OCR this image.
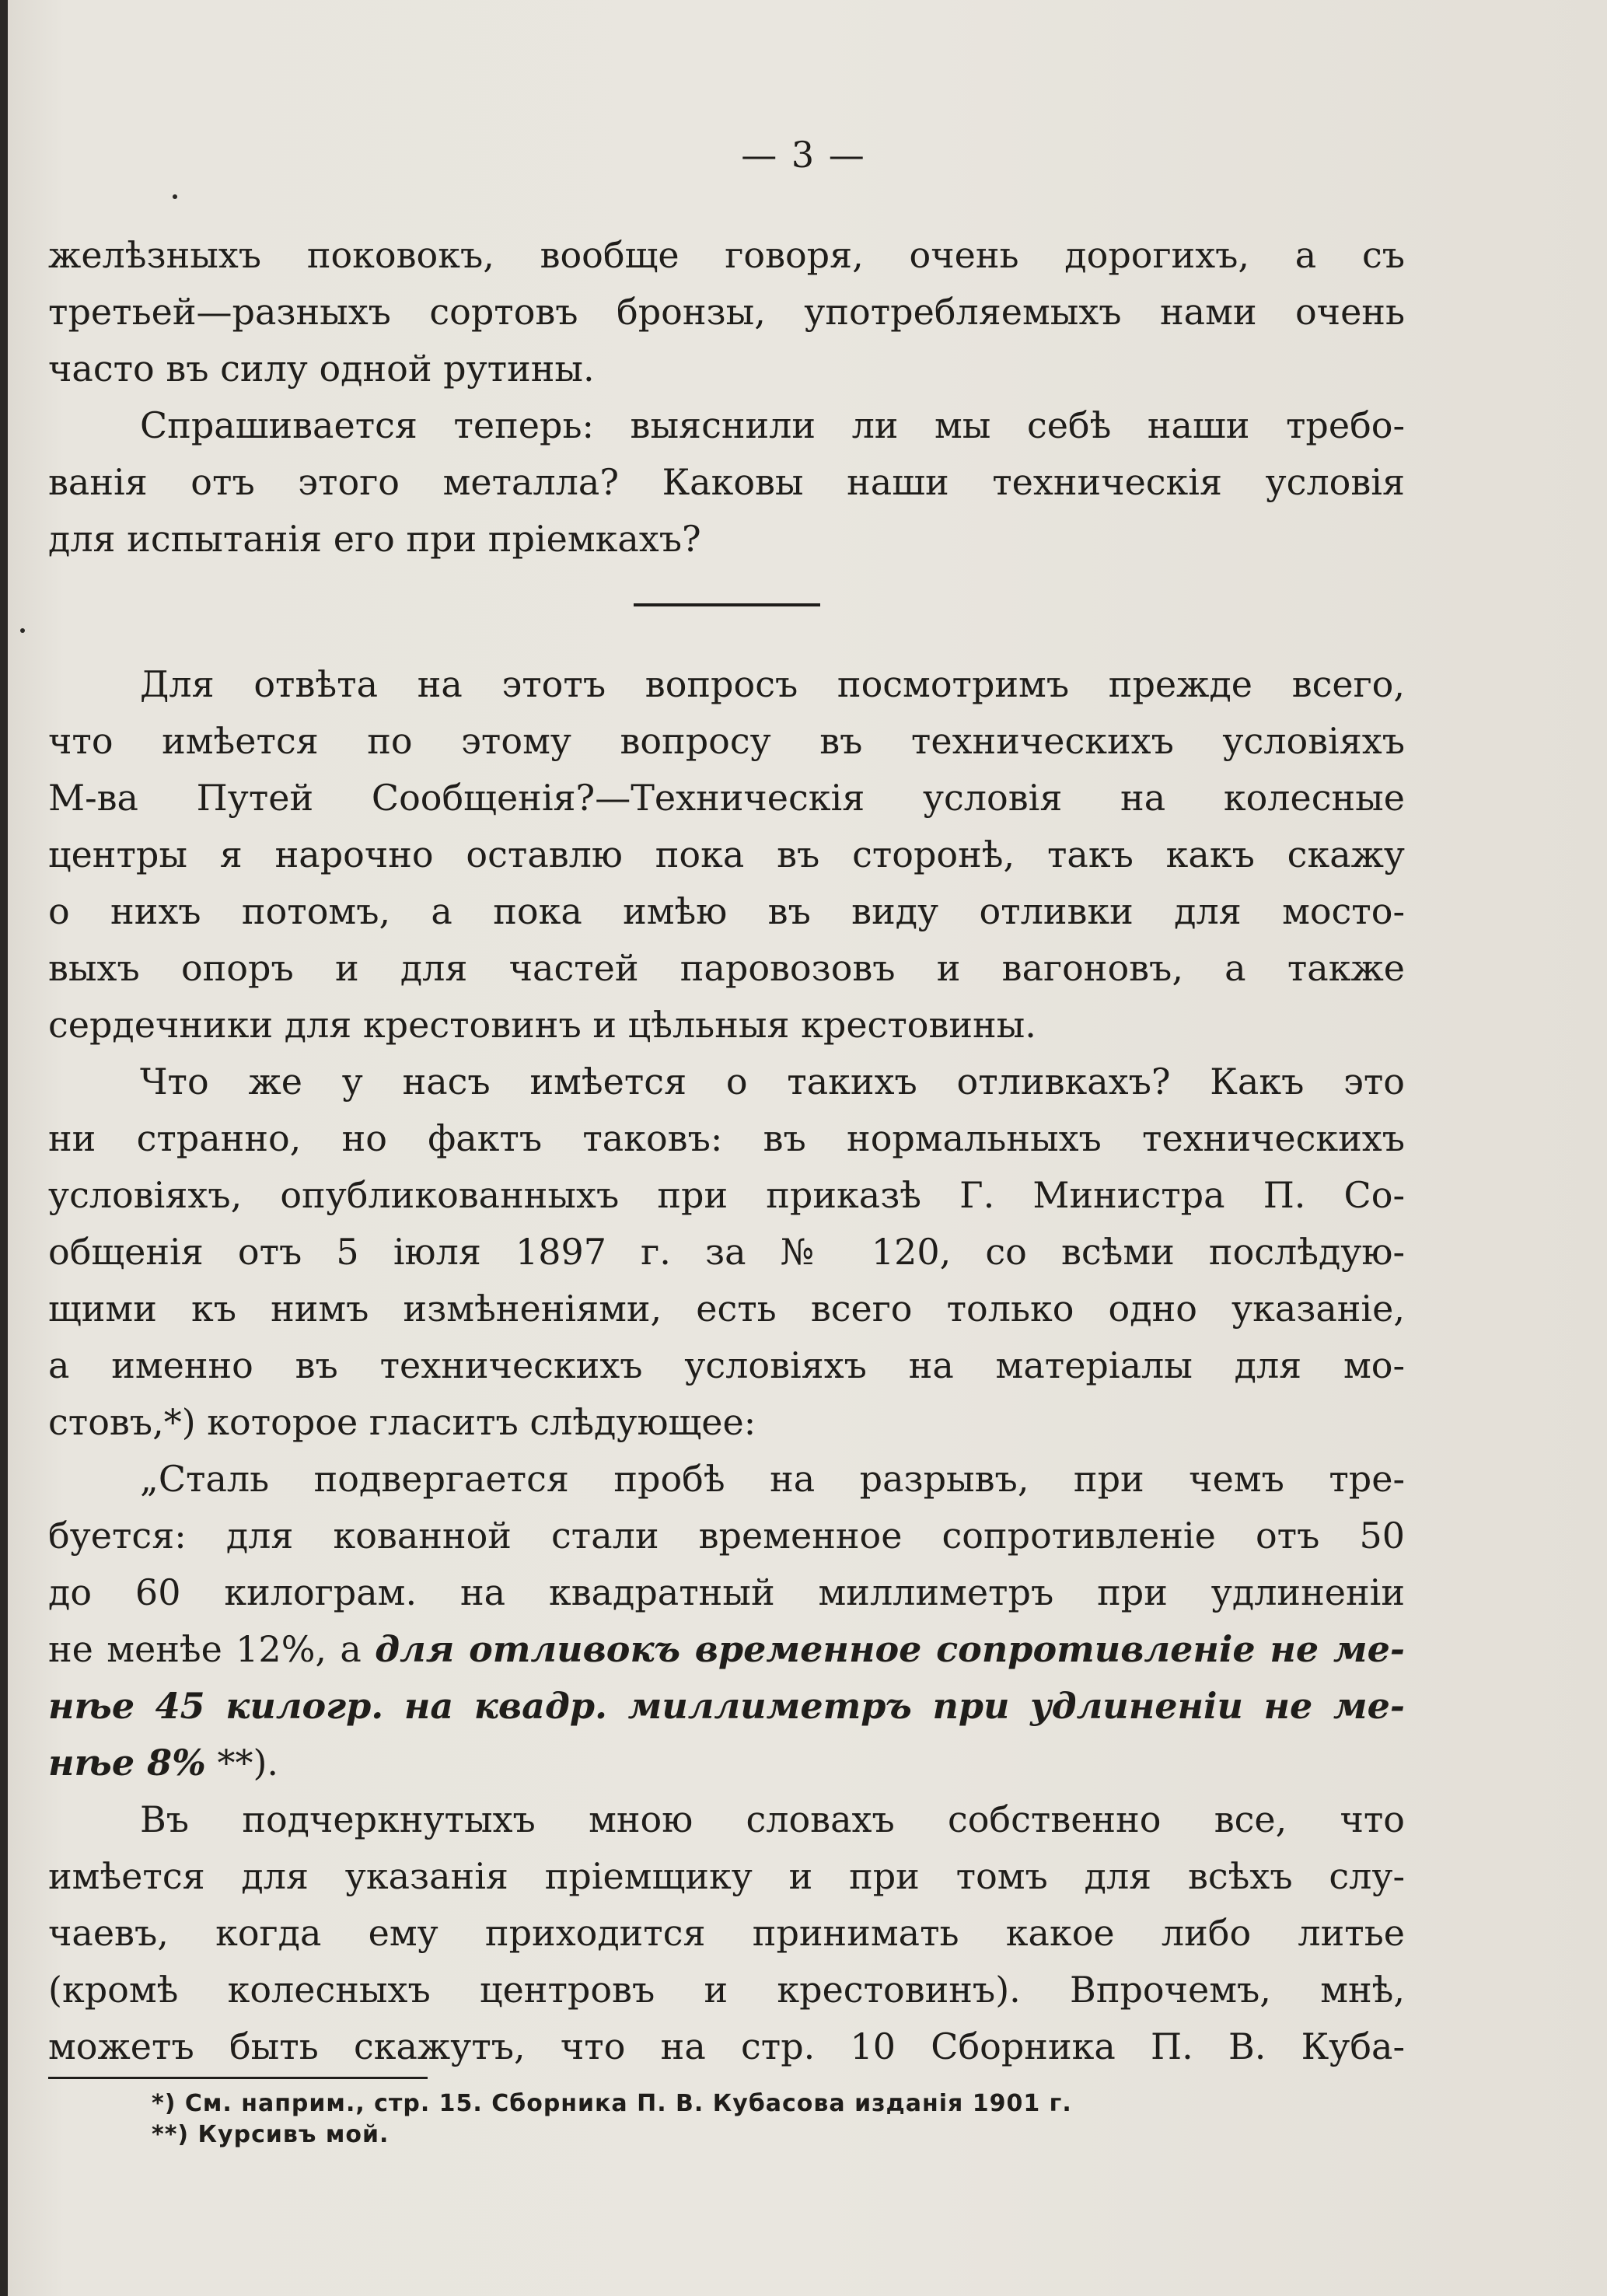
— 3 —
желѣзныхъ поковокъ, вообще говоря, очень дорогихъ, а съ
третьей—разныхъ сортовъ бронзы, употребляемыхъ нами очень
часто въ силу одной рутины.
Спрашивается теперь: выяснили ли мы себѣ наши требо-
ванія отъ этого металла? Каковы наши техническія условія
для испытанія его при пріемкахъ?
Для отвѣта на этотъ вопросъ посмотримъ прежде всего,
что имѣется по этому вопросу въ техническихъ условіяхъ
М-ва Путей Сообщенія?—Техническія условія на колесные
центры я нарочно оставлю пока въ сторонѣ, такъ какъ скажу
о нихъ потомъ, а пока имѣю въ виду отливки для мосто-
выхъ опоръ и для частей паровозовъ и вагоновъ, а также
сердечники для крестовинъ и цѣльныя крестовины.
Что же у насъ имѣется о такихъ отливкахъ? Какъ это
ни странно, но фактъ таковъ: въ нормальныхъ техническихъ
условіяхъ, опубликованныхъ при приказѣ Г. Министра П. Со-
общенія отъ 5 іюля 1897 г. за № 120, со всѣми послѣдую-
щими къ нимъ измѣненіями, есть всего только одно указаніе,
а именно въ техническихъ условіяхъ на матеріалы для мо-
стовъ,*) которое гласитъ слѣдующее:
„Сталь подвергается пробѣ на разрывъ, при чемъ тре-
буется: для кованной стали временное сопротивленіе отъ 50
до 60 килограм. на квадратный миллиметръ при удлиненіи
не менѣе 12%, а для отливокъ временное сопротивленіе не ме-
нѣе 45 килогр. на квадр. миллиметръ при удлиненіи не ме-
нѣе 8% **).
Въ подчеркнутыхъ мною словахъ собственно все, что
имѣется для указанія пріемщику и при томъ для всѣхъ слу-
чаевъ, когда ему приходится принимать какое либо литье
(кромѣ колесныхъ центровъ и крестовинъ). Впрочемъ, мнѣ,
можетъ быть скажутъ, что на стр. 10 Сборника П. В. Куба-
*) См. наприм., стр. 15. Сборника П. В. Кубасова изданія 1901 г.
**) Курсивъ мой.
